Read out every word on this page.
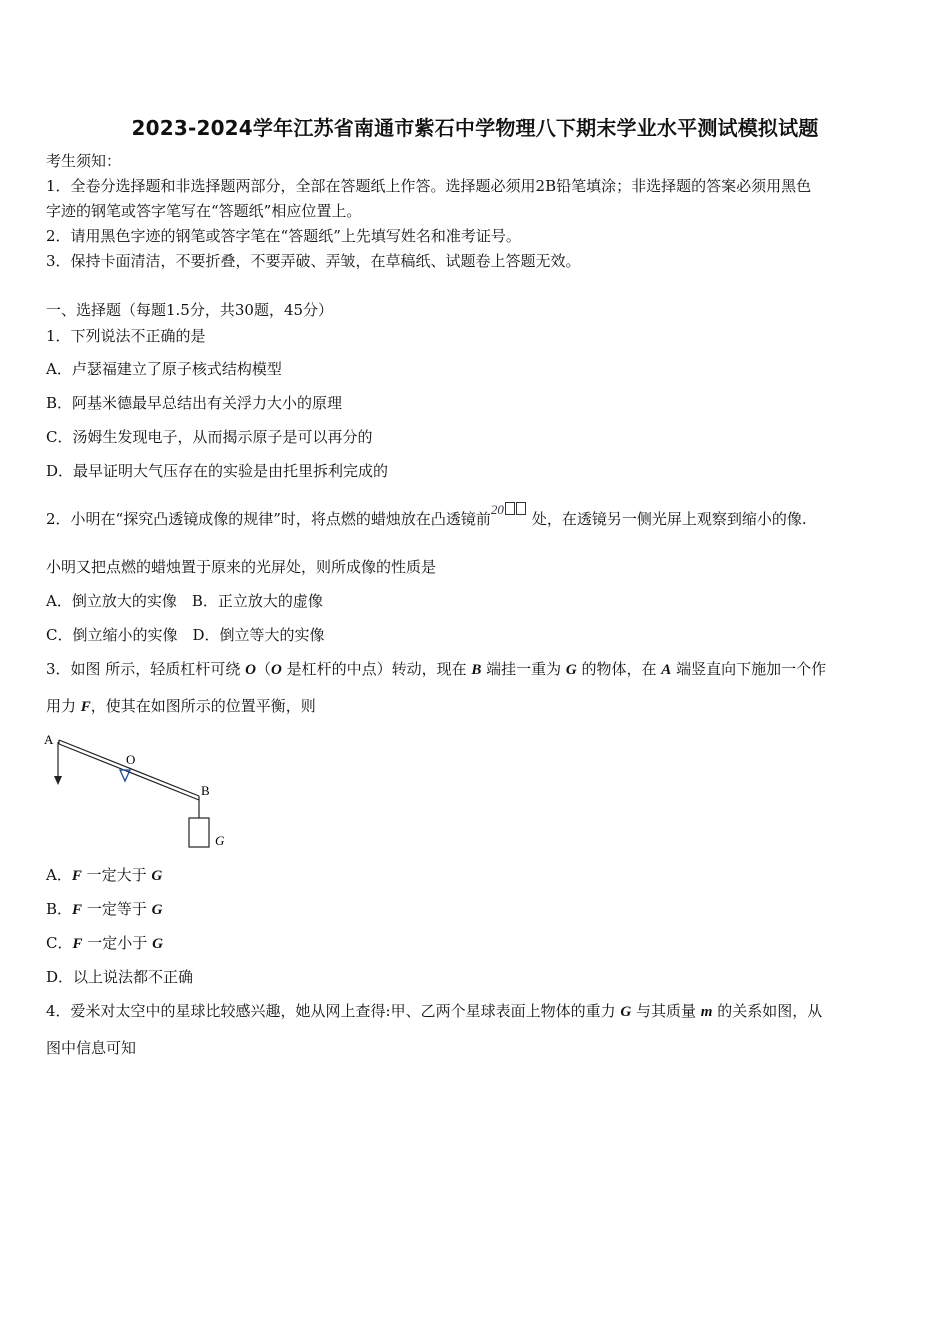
2023-2024学年江苏省南通市紫石中学物理八下期末学业水平测试模拟试题
考生须知：
1．全卷分选择题和非选择题两部分，全部在答题纸上作答。选择题必须用2B铅笔填涂；非选择题的答案必须用黑色
字迹的钢笔或答字笔写在“答题纸”相应位置上。
2．请用黑色字迹的钢笔或答字笔在“答题纸”上先填写姓名和准考证号。
3．保持卡面清洁，不要折叠，不要弄破、弄皱，在草稿纸、试题卷上答题无效。
一、选择题（每题1.5分，共30题，45分）
1．下列说法不正确的是
A．卢瑟福建立了原子核式结构模型
B．阿基米德最早总结出有关浮力大小的原理
C．汤姆生发现电子，从而揭示原子是可以再分的
D．最早证明大气压存在的实验是由托里拆利完成的
2．小明在“探究凸透镜成像的规律”时，将点燃的蜡烛放在凸透镜前20处，在透镜另一侧光屏上观察到缩小的像.
小明又把点燃的蜡烛置于原来的光屏处，则所成像的性质是
A．倒立放大的实像　B．正立放大的虚像
C．倒立缩小的实像　D．倒立等大的实像
3．如图 所示，轻质杠杆可绕 O（O 是杠杆的中点）转动，现在 B 端挂一重为 G 的物体，在 A 端竖直向下施加一个作
用力 F，使其在如图所示的位置平衡，则
A
O
B
G
A．F 一定大于 G
B．F 一定等于 G
C．F 一定小于 G
D．以上说法都不正确
4．爱米对太空中的星球比较感兴趣，她从网上查得:甲、乙两个星球表面上物体的重力 G 与其质量 m 的关系如图，从
图中信息可知
